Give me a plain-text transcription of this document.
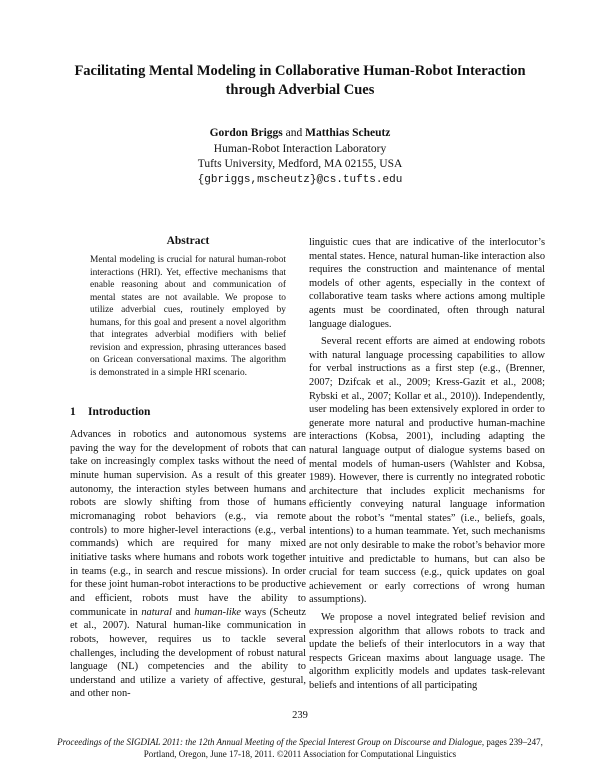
Facilitating Mental Modeling in Collaborative Human-Robot Interaction
through Adverbial Cues
Gordon Briggs and Matthias Scheutz
Human-Robot Interaction Laboratory
Tufts University, Medford, MA 02155, USA
{gbriggs,mscheutz}@cs.tufts.edu
Abstract
Mental modeling is crucial for natural human-robot interactions (HRI). Yet, effective mechanisms that enable reasoning about and communication of mental states are not available. We propose to utilize adverbial cues, routinely employed by humans, for this goal and present a novel algorithm that integrates adverbial modifiers with belief revision and expression, phrasing utterances based on Gricean conversational maxims. The algorithm is demonstrated in a simple HRI scenario.
1 Introduction

Advances in robotics and autonomous systems are paving the way for the development of robots that can take on increasingly complex tasks without the need of minute human supervision. As a result of this greater autonomy, the interaction styles between humans and robots are slowly shifting from those of humans micromanaging robot behaviors (e.g., via remote controls) to more higher-level interactions (e.g., verbal commands) which are required for many mixed initiative tasks where humans and robots work together in teams (e.g., in search and rescue missions). In order for these joint human-robot interactions to be productive and efficient, robots must have the ability to communicate in natural and human-like ways (Scheutz et al., 2007). Natural human-like communication in robots, however, requires us to tackle several challenges, including the development of robust natural language (NL) competencies and the ability to understand and utilize a variety of affective, gestural, and other non-

linguistic cues that are indicative of the interlocutor’s mental states. Hence, natural human-like interaction also requires the construction and maintenance of mental models of other agents, especially in the context of collaborative team tasks where actions among multiple agents must be coordinated, often through natural language dialogues.

Several recent efforts are aimed at endowing robots with natural language processing capabilities to allow for verbal instructions as a first step (e.g., (Brenner, 2007; Dzifcak et al., 2009; Kress-Gazit et al., 2008; Rybski et al., 2007; Kollar et al., 2010)). Independently, user modeling has been extensively explored in order to generate more natural and productive human-machine interactions (Kobsa, 2001), including adapting the natural language output of dialogue systems based on mental models of human-users (Wahlster and Kobsa, 1989). However, there is currently no integrated robotic architecture that includes explicit mechanisms for efficiently conveying natural language information about the robot’s “mental states” (i.e., beliefs, goals, intentions) to a human teammate. Yet, such mechanisms are not only desirable to make the robot’s behavior more intuitive and predictable to humans, but can also be crucial for team success (e.g., quick updates on goal achievement or early corrections of wrong human assumptions).

We propose a novel integrated belief revision and expression algorithm that allows robots to track and update the beliefs of their interlocutors in a way that respects Gricean maxims about language usage. The algorithm explicitly models and updates task-relevant beliefs and intentions of all participating

239
Proceedings of the SIGDIAL 2011: the 12th Annual Meeting of the Special Interest Group on Discourse and Dialogue, pages 239–247,
Portland, Oregon, June 17-18, 2011. ©2011 Association for Computational Linguistics
